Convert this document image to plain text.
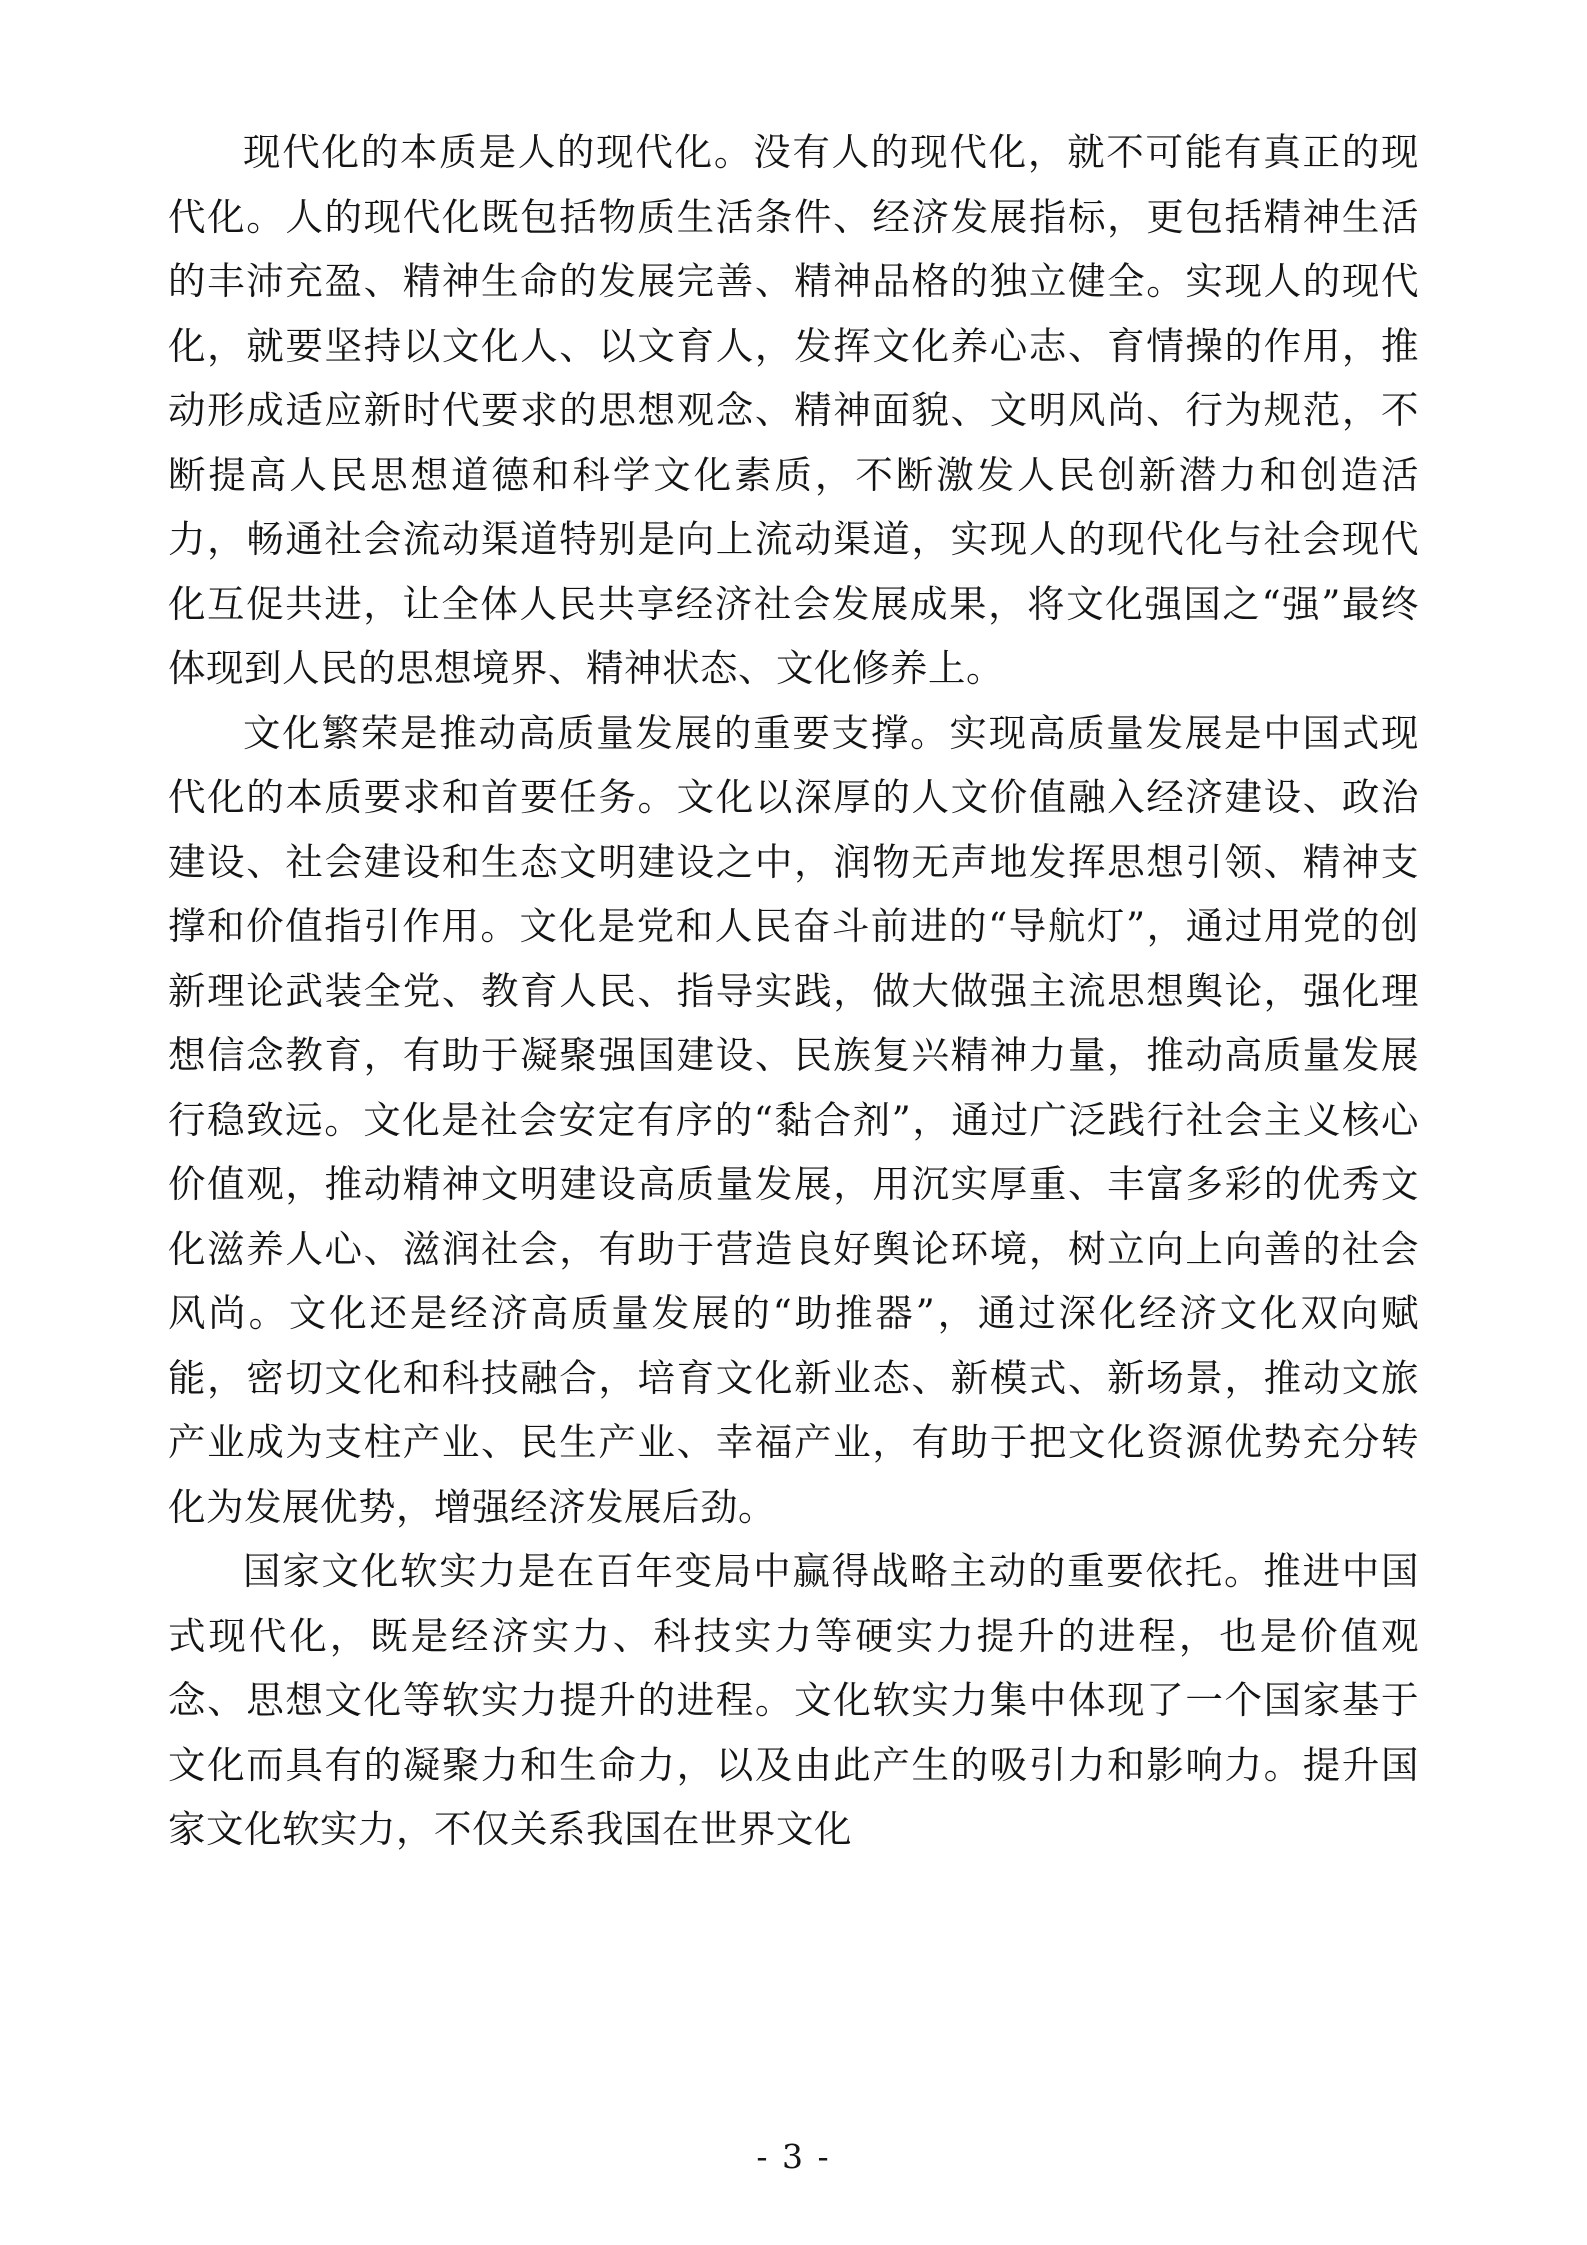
现代化的本质是人的现代化。没有人的现代化，就不可能有真正的现代化。人的现代化既包括物质生活条件、经济发展指标，更包括精神生活的丰沛充盈、精神生命的发展完善、精神品格的独立健全。实现人的现代化，就要坚持以文化人、以文育人，发挥文化养心志、育情操的作用，推动形成适应新时代要求的思想观念、精神面貌、文明风尚、行为规范，不断提高人民思想道德和科学文化素质，不断激发人民创新潜力和创造活力，畅通社会流动渠道特别是向上流动渠道，实现人的现代化与社会现代化互促共进，让全体人民共享经济社会发展成果，将文化强国之“强”最终体现到人民的思想境界、精神状态、文化修养上。

文化繁荣是推动高质量发展的重要支撑。实现高质量发展是中国式现代化的本质要求和首要任务。文化以深厚的人文价值融入经济建设、政治建设、社会建设和生态文明建设之中，润物无声地发挥思想引领、精神支撑和价值指引作用。文化是党和人民奋斗前进的“导航灯”，通过用党的创新理论武装全党、教育人民、指导实践，做大做强主流思想舆论，强化理想信念教育，有助于凝聚强国建设、民族复兴精神力量，推动高质量发展行稳致远。文化是社会安定有序的“黏合剂”，通过广泛践行社会主义核心价值观，推动精神文明建设高质量发展，用沉实厚重、丰富多彩的优秀文化滋养人心、滋润社会，有助于营造良好舆论环境，树立向上向善的社会风尚。文化还是经济高质量发展的“助推器”，通过深化经济文化双向赋能，密切文化和科技融合，培育文化新业态、新模式、新场景，推动文旅产业成为支柱产业、民生产业、幸福产业，有助于把文化资源优势充分转化为发展优势，增强经济发展后劲。

国家文化软实力是在百年变局中赢得战略主动的重要依托。推进中国式现代化，既是经济实力、科技实力等硬实力提升的进程，也是价值观念、思想文化等软实力提升的进程。文化软实力集中体现了一个国家基于文化而具有的凝聚力和生命力，以及由此产生的吸引力和影响力。提升国家文化软实力，不仅关系我国在世界文化

- 3 -
